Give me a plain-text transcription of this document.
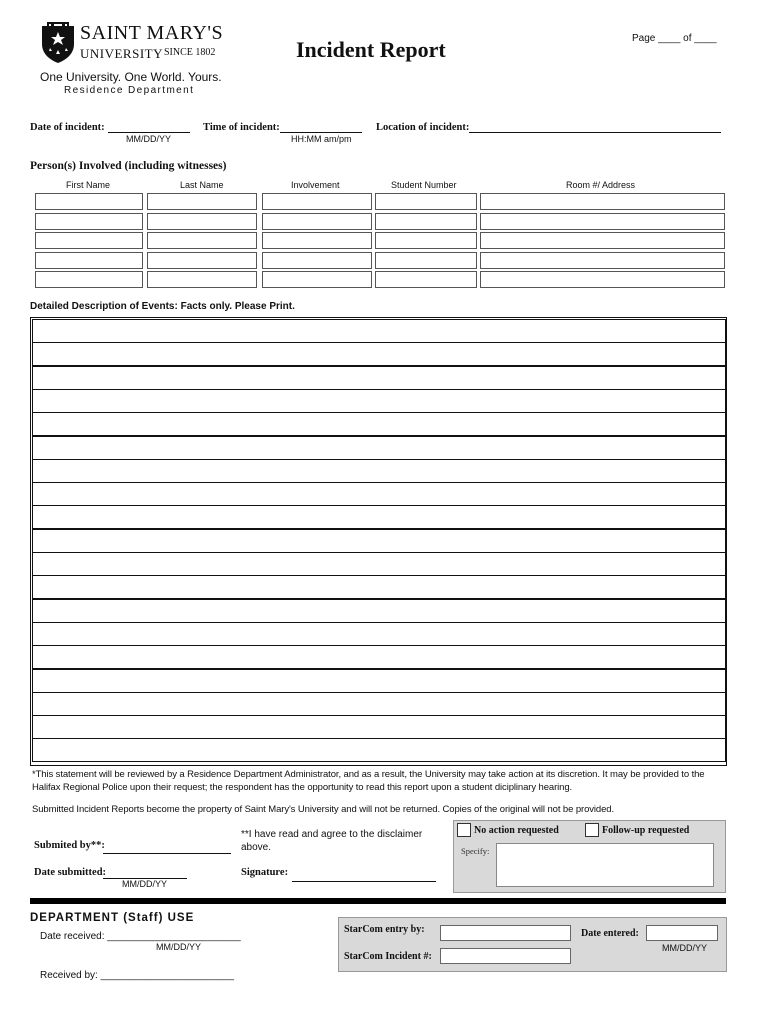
SAINT MARY'S
UNIVERSITY SINCE 1802
One University. One World. Yours.
Residence Department
Incident Report	Page ____ of ____
Date of incident:
MM/DD/YY
Time of incident:
HH:MM am/pm
Location of incident:
Person(s) Involved (including witnesses)
First Name	Last Name	Involvement	Student Number	Room #/ Address
Detailed Description of Events: Facts only. Please Print.
*This statement will be reviewed by a Residence Department Administrator, and as a result, the University may take action at its discretion. It may be provided to the Halifax Regional Police upon their request; the respondent has the opportunity to read this report upon a student diciplinary hearing.
Submitted Incident Reports become the property of Saint Mary's University and will not be returned. Copies of the original will not be provided.
Submited by**:
**I have read and agree to the disclaimer above.
Date submitted:
MM/DD/YY
Signature:
No action requested	Follow-up requested
Specify:
DEPARTMENT (Staff) USE
Date received: ________________________
MM/DD/YY
Received by: ________________________
StarCom entry by:
StarCom Incident #:
Date entered:
MM/DD/YY
